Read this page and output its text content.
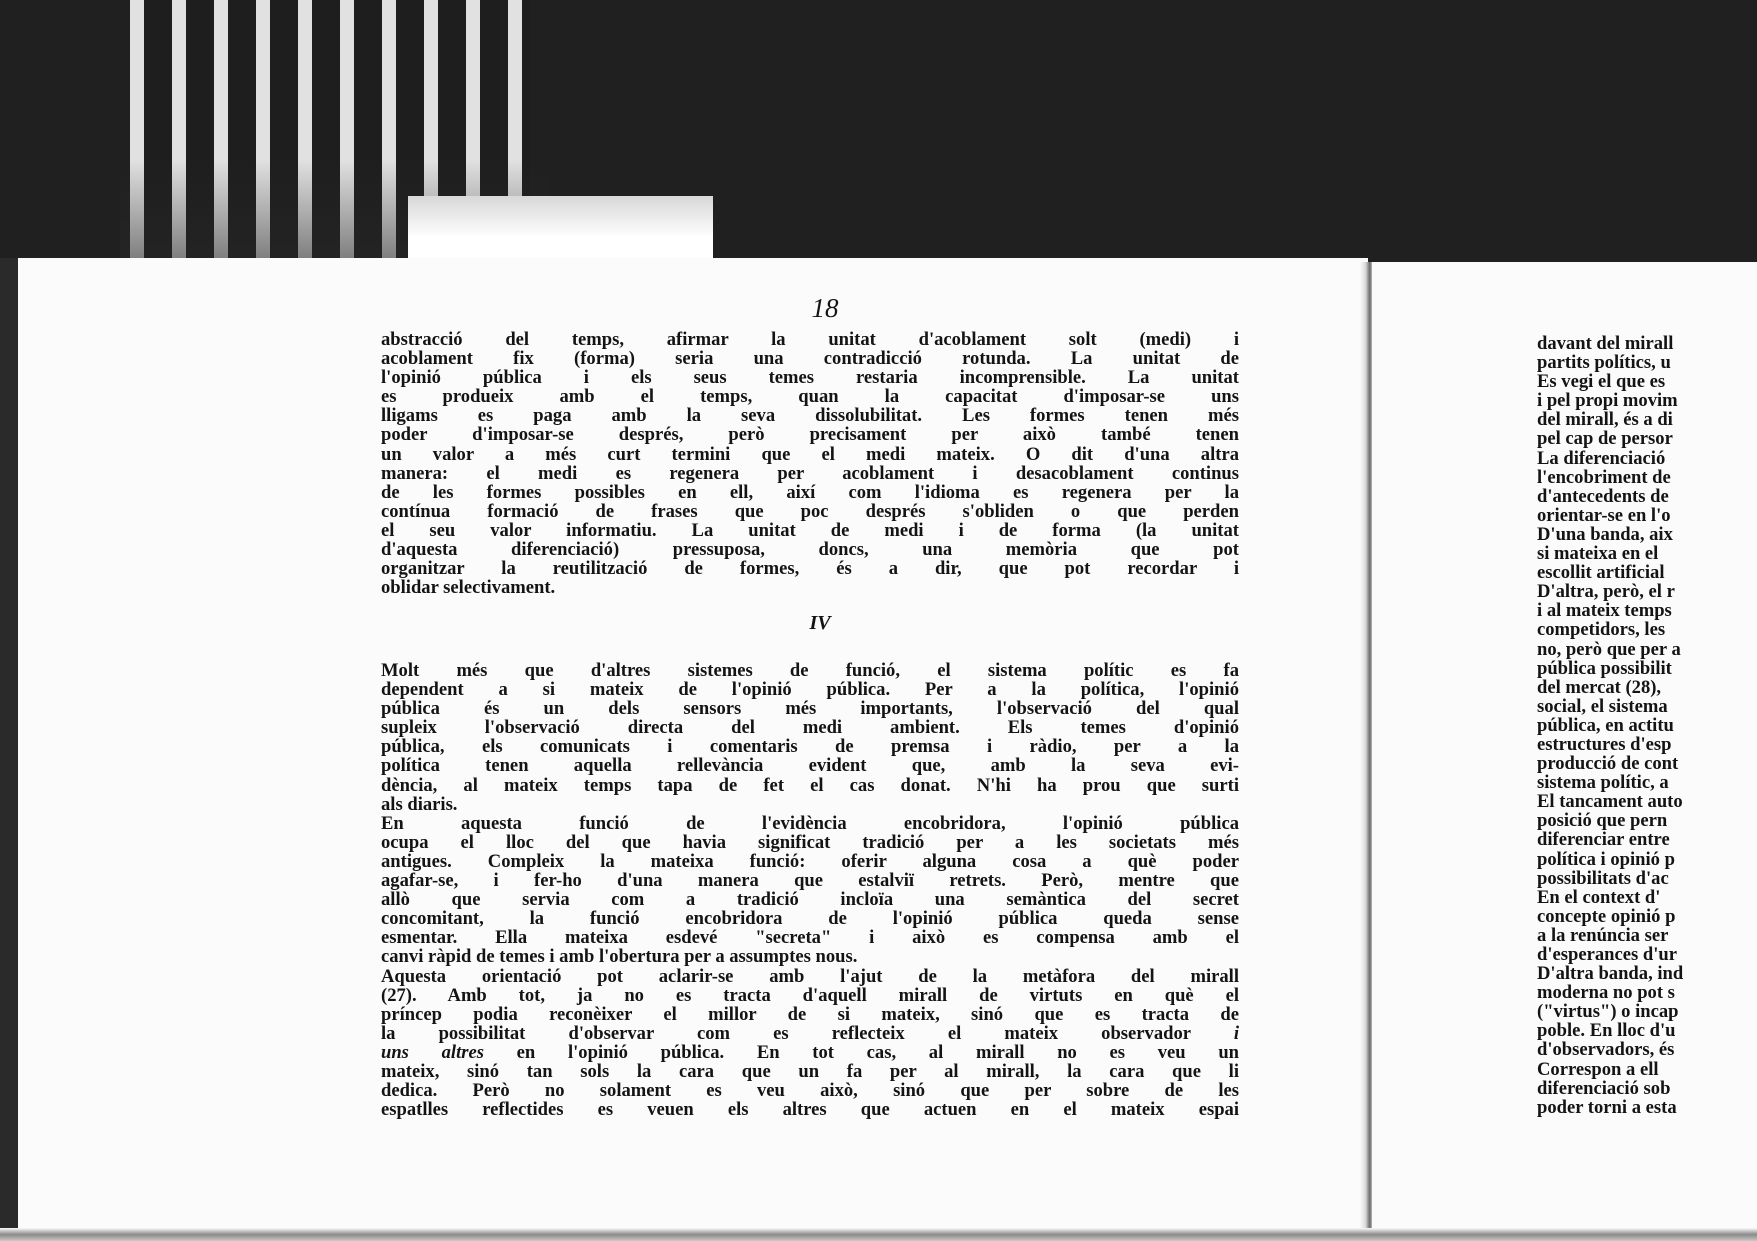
18
abstracció del temps, afirmar la unitat d'acoblament solt (medi) i
acoblament fix (forma) seria una contradicció rotunda. La unitat de
l'opinió pública i els seus temes restaria incomprensible. La unitat
es produeix amb el temps, quan la capacitat d'imposar-se uns
lligams es paga amb la seva dissolubilitat. Les formes tenen més
poder d'imposar-se després, però precisament per això també tenen
un valor a més curt termini que el medi mateix. O dit d'una altra
manera: el medi es regenera per acoblament i desacoblament continus
de les formes possibles en ell, així com l'idioma es regenera per la
contínua formació de frases que poc després s'obliden o que perden
el seu valor informatiu. La unitat de medi i de forma (la unitat
d'aquesta diferenciació) pressuposa, doncs, una memòria que pot
organitzar la reutilització de formes, és a dir, que pot recordar i
oblidar selectivament.
IV
Molt més que d'altres sistemes de funció, el sistema polític es fa
dependent a si mateix de l'opinió pública. Per a la política, l'opinió
pública és un dels sensors més importants, l'observació del qual
supleix l'observació directa del medi ambient. Els temes d'opinió
pública, els comunicats i comentaris de premsa i ràdio, per a la
política tenen aquella rellevància evident que, amb la seva evi-
dència, al mateix temps tapa de fet el cas donat. N'hi ha prou que surti
als diaris.
En aquesta funció de l'evidència encobridora, l'opinió pública
ocupa el lloc del que havia significat tradició per a les societats més
antigues. Compleix la mateixa funció: oferir alguna cosa a què poder
agafar-se, i fer-ho d'una manera que estalviï retrets. Però, mentre que
allò que servia com a tradició incloïa una semàntica del secret
concomitant, la funció encobridora de l'opinió pública queda sense
esmentar. Ella mateixa esdevé "secreta" i això es compensa amb el
canvi ràpid de temes i amb l'obertura per a assumptes nous.
Aquesta orientació pot aclarir-se amb l'ajut de la metàfora del mirall
(27). Amb tot, ja no es tracta d'aquell mirall de virtuts en què el
príncep podia reconèixer el millor de si mateix, sinó que es tracta de
la possibilitat d'observar com es reflecteix el mateix observador i
uns altres en l'opinió pública. En tot cas, al mirall no es veu un
mateix, sinó tan sols la cara que un fa per al mirall, la cara que li
dedica. Però no solament es veu això, sinó que per sobre de les
espatlles reflectides es veuen els altres que actuen en el mateix espai
davant del mirall
partits polítics, u
Es vegi el que es
i pel propi movim
del mirall, és a di
pel cap de persor
La diferenciació
l'encobriment de
d'antecedents de
orientar-se en l'o
D'una banda, aix
si mateixa en el
escollit artificial
D'altra, però, el r
i al mateix temps
competidors, les
no, però que per a
pública possibilit
del mercat (28),
social, el sistema
pública, en actitu
estructures d'esp
producció de cont
sistema polític, a
El tancament auto
posició que pern
diferenciar entre
política i opinió p
possibilitats d'ac
En el context d'
concepte opinió p
a la renúncia ser
d'esperances d'ur
D'altra banda, ind
moderna no pot s
("virtus") o incap
poble. En lloc d'u
d'observadors, és
Correspon a ell
diferenciació sob
poder torni a esta
